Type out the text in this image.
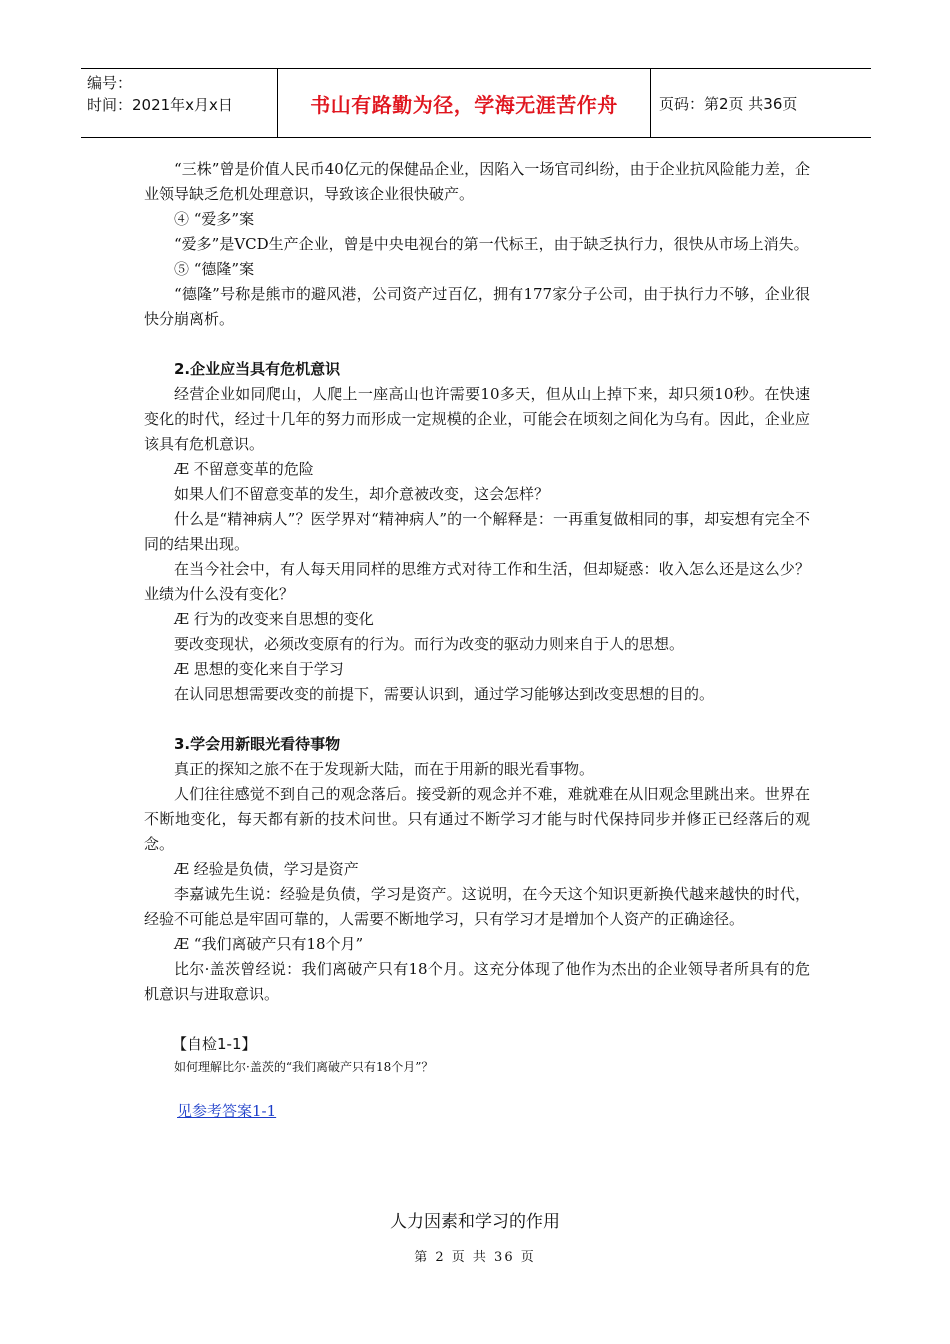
编号：
时间：2021年x月x日	书山有路勤为径，学海无涯苦作舟	页码：第2页 共36页

“三株”曾是价值人民币40亿元的保健品企业，因陷入一场官司纠纷，由于企业抗风险能力差，企业领导缺乏危机处理意识，导致该企业很快破产。

④ “爱多”案

“爱多”是VCD生产企业，曾是中央电视台的第一代标王，由于缺乏执行力，很快从市场上消失。

⑤ “德隆”案

“德隆”号称是熊市的避风港，公司资产过百亿，拥有177家分子公司，由于执行力不够，企业很快分崩离析。

2.企业应当具有危机意识

经营企业如同爬山，人爬上一座高山也许需要10多天，但从山上掉下来，却只须10秒。在快速变化的时代，经过十几年的努力而形成一定规模的企业，可能会在顷刻之间化为乌有。因此，企业应该具有危机意识。

Æ 不留意变革的危险

如果人们不留意变革的发生，却介意被改变，这会怎样？

什么是“精神病人”？医学界对“精神病人”的一个解释是：一再重复做相同的事，却妄想有完全不同的结果出现。

在当今社会中，有人每天用同样的思维方式对待工作和生活，但却疑惑：收入怎么还是这么少？业绩为什么没有变化？

Æ 行为的改变来自思想的变化

要改变现状，必须改变原有的行为。而行为改变的驱动力则来自于人的思想。

Æ 思想的变化来自于学习

在认同思想需要改变的前提下，需要认识到，通过学习能够达到改变思想的目的。

3.学会用新眼光看待事物

真正的探知之旅不在于发现新大陆，而在于用新的眼光看事物。

人们往往感觉不到自己的观念落后。接受新的观念并不难，难就难在从旧观念里跳出来。世界在不断地变化，每天都有新的技术问世。只有通过不断学习才能与时代保持同步并修正已经落后的观念。

Æ 经验是负债，学习是资产

李嘉诚先生说：经验是负债，学习是资产。这说明，在今天这个知识更新换代越来越快的时代，经验不可能总是牢固可靠的，人需要不断地学习，只有学习才是增加个人资产的正确途径。

Æ “我们离破产只有18个月”

比尔·盖茨曾经说：我们离破产只有18个月。这充分体现了他作为杰出的企业领导者所具有的危机意识与进取意识。

【自检1-1】
如何理解比尔·盖茨的“我们离破产只有18个月”？
见参考答案1-1
人力因素和学习的作用
第 2 页 共 36 页
